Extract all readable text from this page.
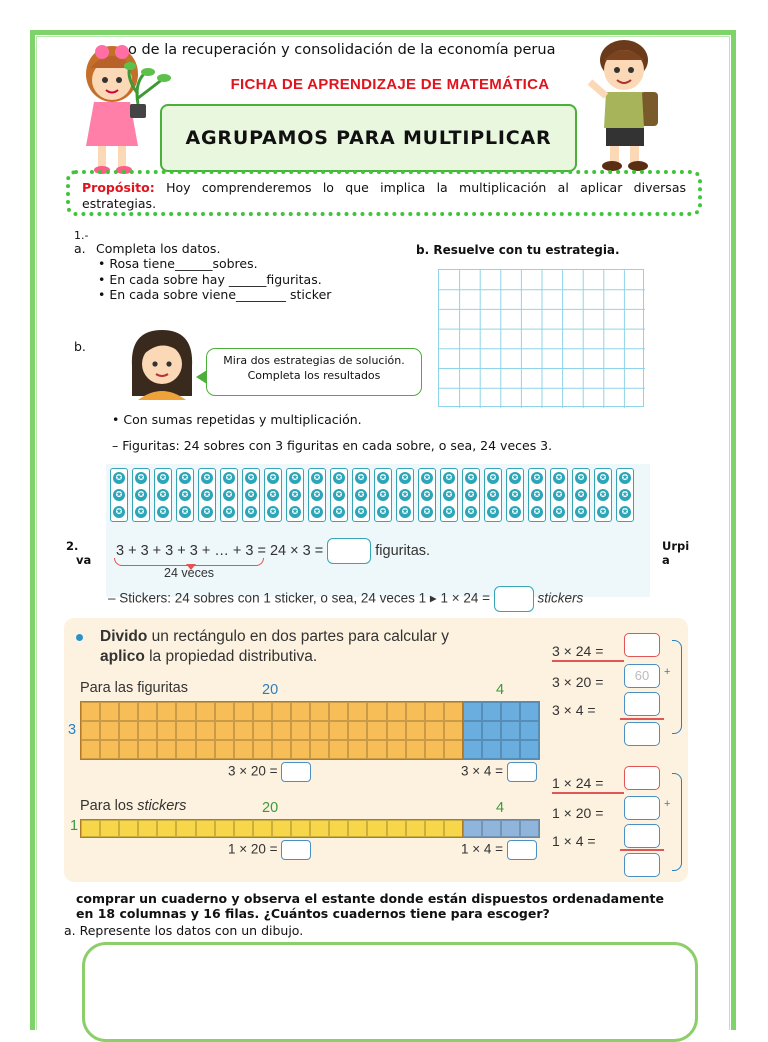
o de la recuperación y consolidación de la economía perua
FICHA DE APRENDIZAJE DE MATEMÁTICA
AGRUPAMOS PARA MULTIPLICAR
Propósito: Hoy comprenderemos lo que implica la multiplicación al aplicar diversas estrategias.
1.-
a. Completa los datos.
• Rosa tiene______sobres.
• En cada sobre hay ______figuritas.
• En cada sobre viene________ sticker
b. Resuelve con tu estrategia.
b.
Mira dos estrategias de solución. Completa los resultados
• Con sumas repetidas y multiplicación.
– Figuritas: 24 sobres con 3 figuritas en cada sobre, o sea, 24 veces 3.
✪
✪
✪
✪
✪
✪
✪
✪
✪
✪
✪
✪
✪
✪
✪
✪
✪
✪
✪
✪
✪
✪
✪
✪
✪
✪
✪
✪
✪
✪
✪
✪
✪
✪
✪
✪
✪
✪
✪
✪
✪
✪
✪
✪
✪
✪
✪
✪
✪
✪
✪
✪
✪
✪
✪
✪
✪
✪
✪
✪
✪
✪
✪
✪
✪
✪
✪
✪
✪
✪
✪
✪
3 + 3 + 3 + 3 + … + 3 = 24 × 3 =	figuritas.
24 veces
– Stickers: 24 sobres con 1 sticker, o sea, 24 veces 1 ▸ 1 × 24 =	stickers
2.
va
Urpi
a
Divido un rectángulo en dos partes para calcular y
aplico la propiedad distributiva.
Para las figuritas	20	4
3
3 × 20 =	3 × 4 =
Para los stickers	20	4
1
1 × 20 =	1 × 4 =
3 × 24 =
3 × 20 =	60
3 × 4 =
+
1 × 24 =
1 × 20 =
1 × 4 =
+
comprar un cuaderno y observa el estante donde están dispuestos ordenadamente
en 18 columnas y 16 filas. ¿Cuántos cuadernos tiene para escoger?
a. Represente los datos con un dibujo.
